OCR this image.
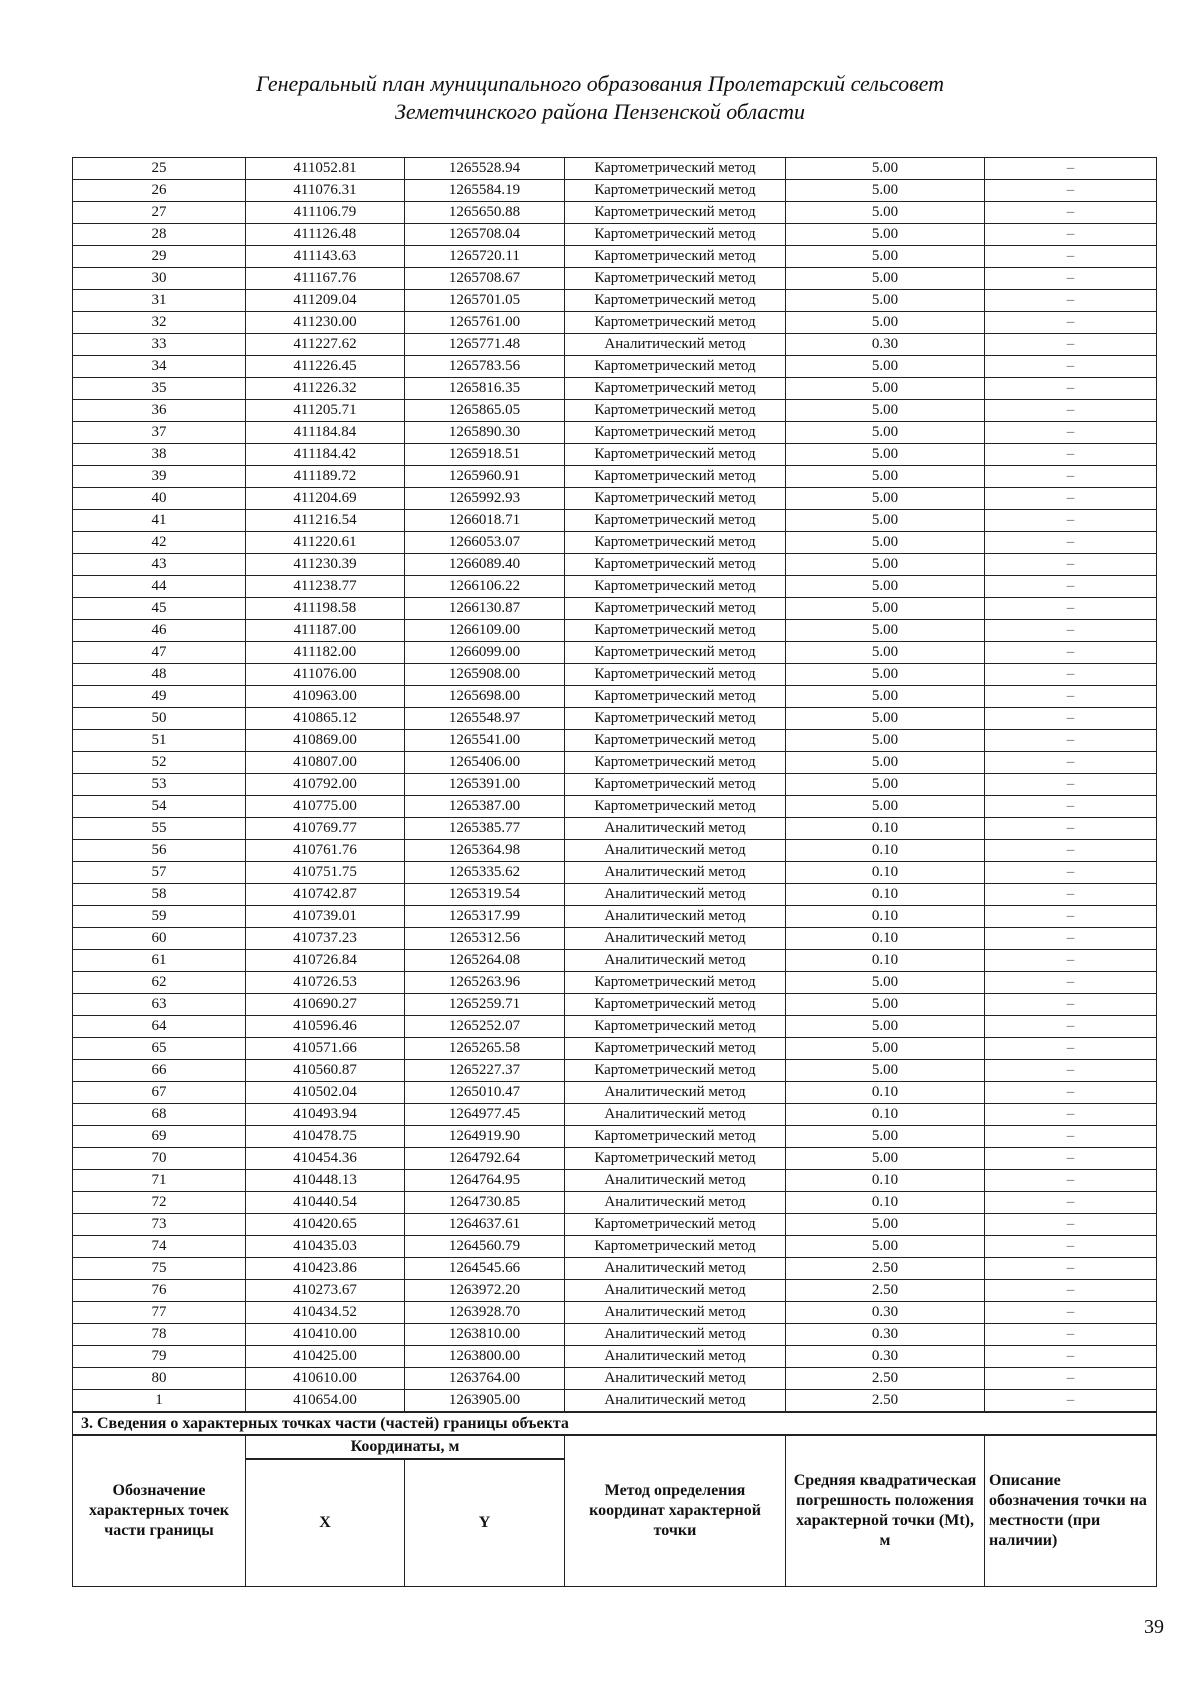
Генеральный план муниципального образования Пролетарский сельсовет
Земетчинского района Пензенской области
25	411052.81	1265528.94	Картометрический метод	5.00	–
26	411076.31	1265584.19	Картометрический метод	5.00	–
27	411106.79	1265650.88	Картометрический метод	5.00	–
28	411126.48	1265708.04	Картометрический метод	5.00	–
29	411143.63	1265720.11	Картометрический метод	5.00	–
30	411167.76	1265708.67	Картометрический метод	5.00	–
31	411209.04	1265701.05	Картометрический метод	5.00	–
32	411230.00	1265761.00	Картометрический метод	5.00	–
33	411227.62	1265771.48	Аналитический метод	0.30	–
34	411226.45	1265783.56	Картометрический метод	5.00	–
35	411226.32	1265816.35	Картометрический метод	5.00	–
36	411205.71	1265865.05	Картометрический метод	5.00	–
37	411184.84	1265890.30	Картометрический метод	5.00	–
38	411184.42	1265918.51	Картометрический метод	5.00	–
39	411189.72	1265960.91	Картометрический метод	5.00	–
40	411204.69	1265992.93	Картометрический метод	5.00	–
41	411216.54	1266018.71	Картометрический метод	5.00	–
42	411220.61	1266053.07	Картометрический метод	5.00	–
43	411230.39	1266089.40	Картометрический метод	5.00	–
44	411238.77	1266106.22	Картометрический метод	5.00	–
45	411198.58	1266130.87	Картометрический метод	5.00	–
46	411187.00	1266109.00	Картометрический метод	5.00	–
47	411182.00	1266099.00	Картометрический метод	5.00	–
48	411076.00	1265908.00	Картометрический метод	5.00	–
49	410963.00	1265698.00	Картометрический метод	5.00	–
50	410865.12	1265548.97	Картометрический метод	5.00	–
51	410869.00	1265541.00	Картометрический метод	5.00	–
52	410807.00	1265406.00	Картометрический метод	5.00	–
53	410792.00	1265391.00	Картометрический метод	5.00	–
54	410775.00	1265387.00	Картометрический метод	5.00	–
55	410769.77	1265385.77	Аналитический метод	0.10	–
56	410761.76	1265364.98	Аналитический метод	0.10	–
57	410751.75	1265335.62	Аналитический метод	0.10	–
58	410742.87	1265319.54	Аналитический метод	0.10	–
59	410739.01	1265317.99	Аналитический метод	0.10	–
60	410737.23	1265312.56	Аналитический метод	0.10	–
61	410726.84	1265264.08	Аналитический метод	0.10	–
62	410726.53	1265263.96	Картометрический метод	5.00	–
63	410690.27	1265259.71	Картометрический метод	5.00	–
64	410596.46	1265252.07	Картометрический метод	5.00	–
65	410571.66	1265265.58	Картометрический метод	5.00	–
66	410560.87	1265227.37	Картометрический метод	5.00	–
67	410502.04	1265010.47	Аналитический метод	0.10	–
68	410493.94	1264977.45	Аналитический метод	0.10	–
69	410478.75	1264919.90	Картометрический метод	5.00	–
70	410454.36	1264792.64	Картометрический метод	5.00	–
71	410448.13	1264764.95	Аналитический метод	0.10	–
72	410440.54	1264730.85	Аналитический метод	0.10	–
73	410420.65	1264637.61	Картометрический метод	5.00	–
74	410435.03	1264560.79	Картометрический метод	5.00	–
75	410423.86	1264545.66	Аналитический метод	2.50	–
76	410273.67	1263972.20	Аналитический метод	2.50	–
77	410434.52	1263928.70	Аналитический метод	0.30	–
78	410410.00	1263810.00	Аналитический метод	0.30	–
79	410425.00	1263800.00	Аналитический метод	0.30	–
80	410610.00	1263764.00	Аналитический метод	2.50	–
1	410654.00	1263905.00	Аналитический метод	2.50	–
3. Сведения о характерных точках части (частей) границы объекта					
Обозначение характерных точек части границы	Координаты, м		Метод определения координат характерной точки	Средняя квадратическая погрешность положения характерной точки (Mt), м	Описание обозначения точки на местности (при наличии)
	X	Y			
39
